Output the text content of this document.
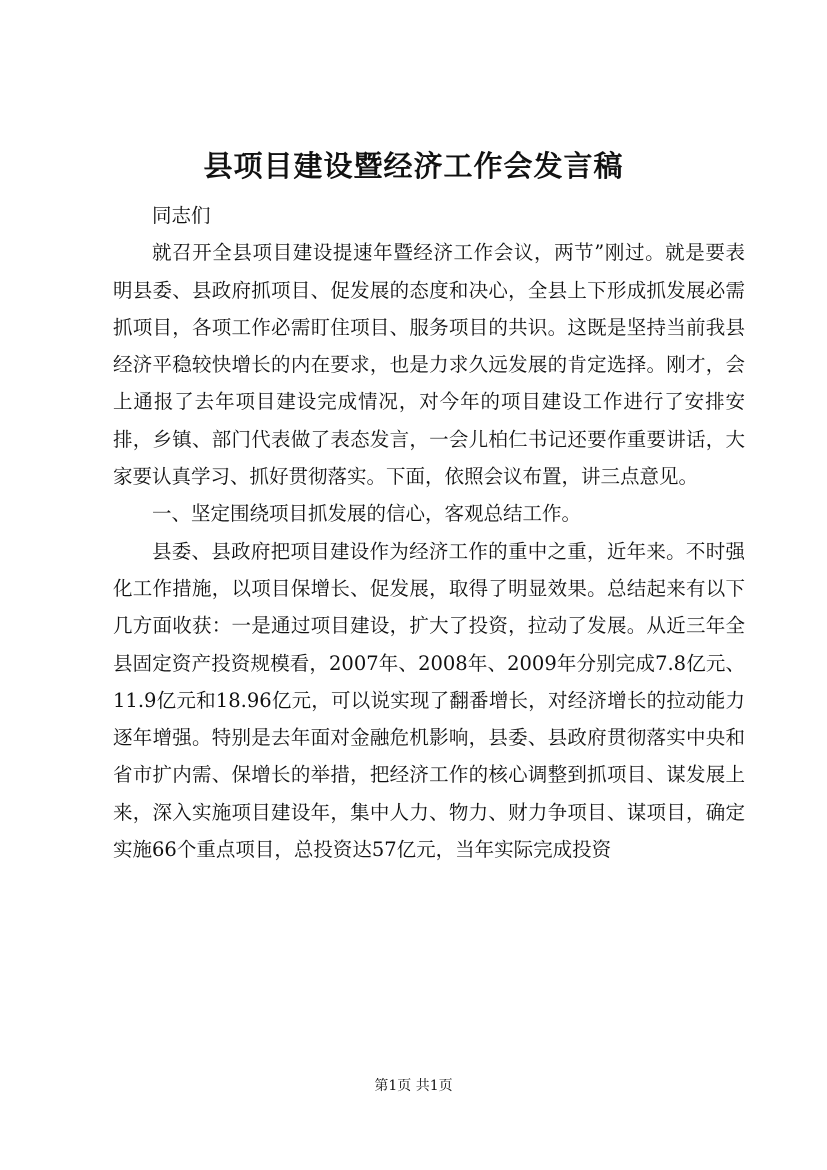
县项目建设暨经济工作会发言稿

同志们

就召开全县项目建设提速年暨经济工作会议，两节”刚过。就是要表明县委、县政府抓项目、促发展的态度和决心，全县上下形成抓发展必需抓项目，各项工作必需盯住项目、服务项目的共识。这既是坚持当前我县经济平稳较快增长的内在要求，也是力求久远发展的肯定选择。刚才，会上通报了去年项目建设完成情况，对今年的项目建设工作进行了安排安排，乡镇、部门代表做了表态发言，一会儿柏仁书记还要作重要讲话，大家要认真学习、抓好贯彻落实。下面，依照会议布置，讲三点意见。

一、坚定围绕项目抓发展的信心，客观总结工作。

县委、县政府把项目建设作为经济工作的重中之重，近年来。不时强化工作措施，以项目保增长、促发展，取得了明显效果。总结起来有以下几方面收获：一是通过项目建设，扩大了投资，拉动了发展。从近三年全县固定资产投资规模看，2007年、2008年、2009年分别完成7.8亿元、11.9亿元和18.96亿元，可以说实现了翻番增长，对经济增长的拉动能力逐年增强。特别是去年面对金融危机影响，县委、县政府贯彻落实中央和省市扩内需、保增长的举措，把经济工作的核心调整到抓项目、谋发展上来，深入实施项目建设年，集中人力、物力、财力争项目、谋项目，确定实施66个重点项目，总投资达57亿元，当年实际完成投资

第1页 共1页
